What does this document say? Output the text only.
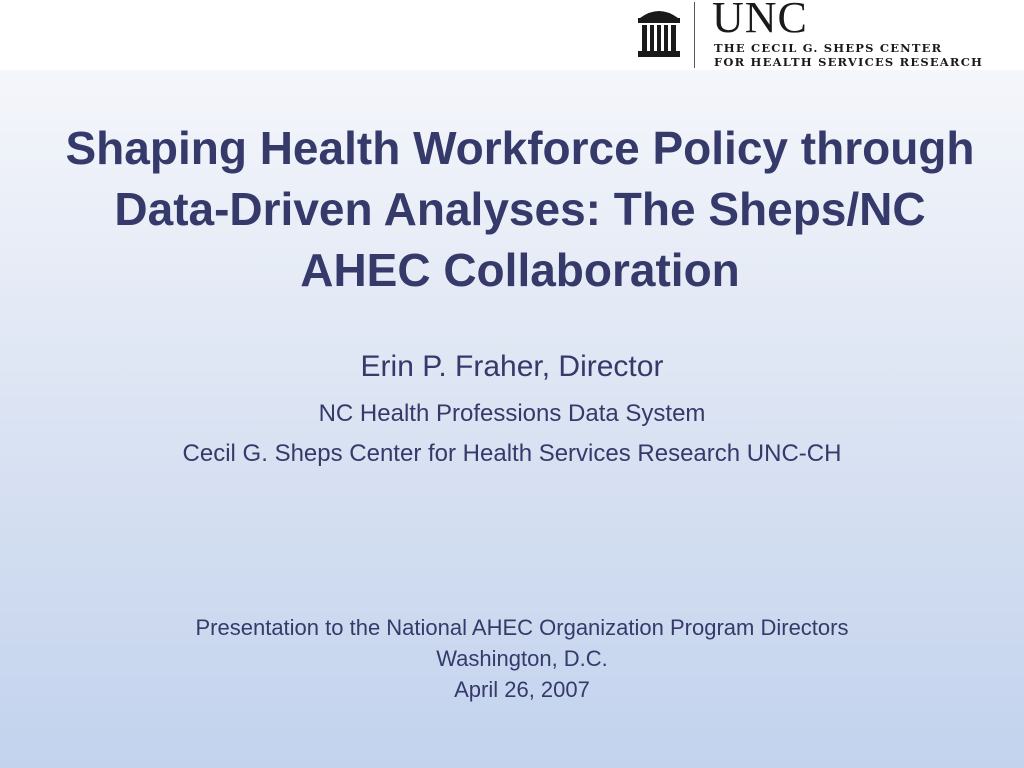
UNC
THE CECIL G. SHEPS CENTER
FOR HEALTH SERVICES RESEARCH
Shaping Health Workforce Policy through Data-Driven Analyses: The Sheps/NC AHEC Collaboration
Erin P. Fraher, Director
NC Health Professions Data System
Cecil G. Sheps Center for Health Services Research UNC-CH
Presentation to the National AHEC Organization Program Directors
Washington, D.C.
April 26, 2007
